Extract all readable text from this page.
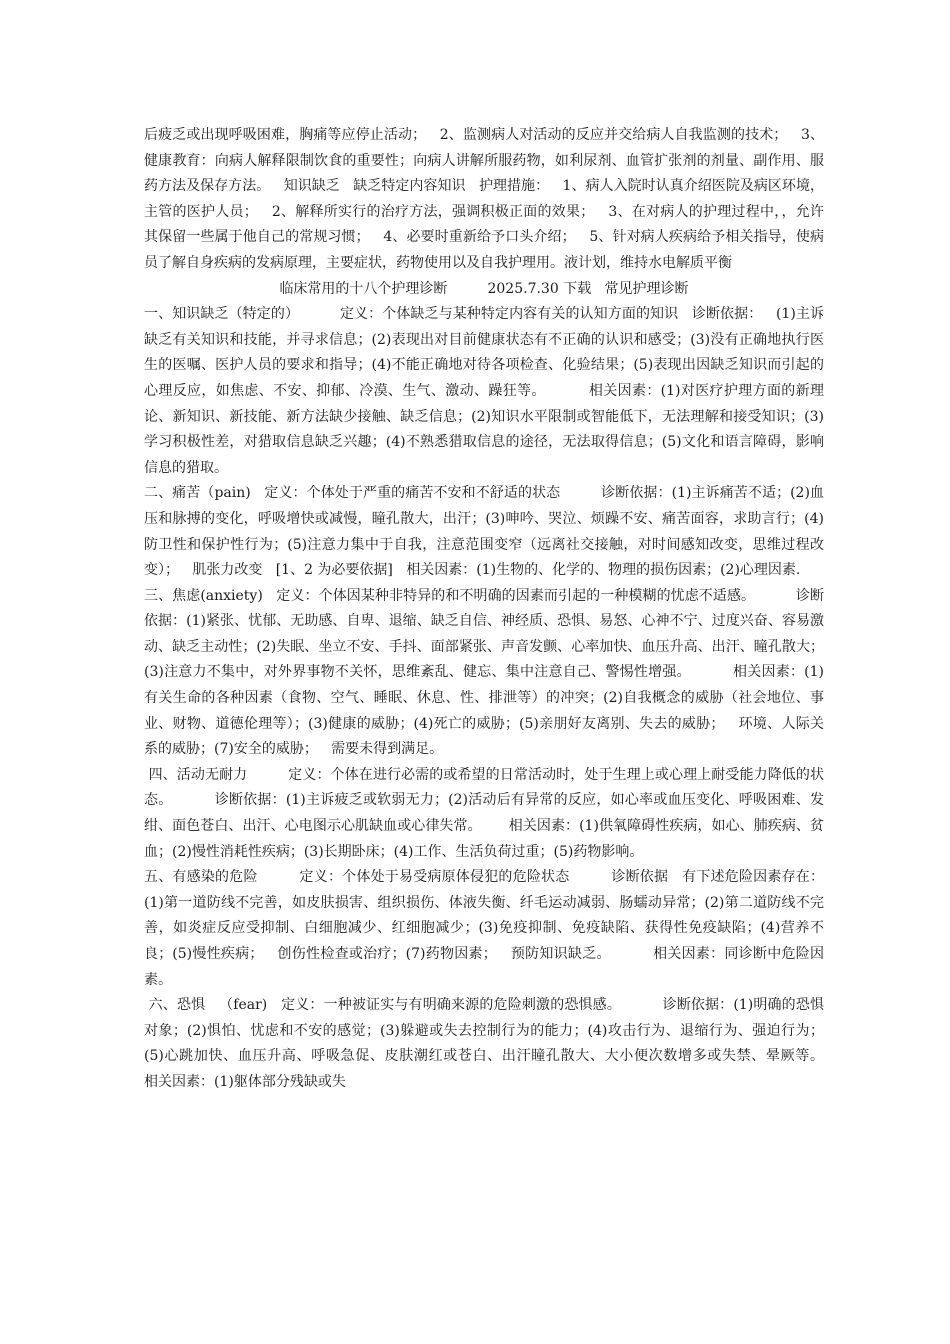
后疲乏或出现呼吸困难，胸痛等应停止活动；   2、监测病人对活动的反应并交给病人自我监测的技术；   3、健康教育：向病人解释限制饮食的重要性；向病人讲解所服药物，如利尿剂、血管扩张剂的剂量、副作用、服药方法及保存方法。   知识缺乏   缺乏特定内容知识   护理措施：   1、病人入院时认真介绍医院及病区环境，主管的医护人员；   2、解释所实行的治疗方法，强调积极正面的效果；   3、在对病人的护理过程中，，允许其保留一些属于他自己的常规习惯；   4、必要时重新给予口头介绍；   5、针对病人疾病给予相关指导，使病员了解自身疾病的发病原理，主要症状，药物使用以及自我护理用。液计划，维持水电解质平衡

临床常用的十八个护理诊断         2025.7.30 下载   常见护理诊断

一、知识缺乏（特定的）         定义：个体缺乏与某种特定内容有关的认知方面的知识   诊断依据：   (1)主诉缺乏有关知识和技能，并寻求信息；(2)表现出对目前健康状态有不正确的认识和感受；(3)没有正确地执行医生的医嘱、医护人员的要求和指导；(4)不能正确地对待各项检查、化验结果；(5)表现出因缺乏知识而引起的心理反应，如焦虑、不安、抑郁、冷漠、生气、激动、躁狂等。         相关因素：(1)对医疗护理方面的新理论、新知识、新技能、新方法缺少接触、缺乏信息；(2)知识水平限制或智能低下，无法理解和接受知识；(3)学习积极性差，对猎取信息缺乏兴趣；(4)不熟悉猎取信息的途径，无法取得信息；(5)文化和语言障碍，影响信息的猎取。

二、痛苦（pain)   定义：个体处于严重的痛苦不安和不舒适的状态         诊断依据：(1)主诉痛苦不适；(2)血压和脉搏的变化，呼吸增快或减慢，瞳孔散大，出汗；(3)呻吟、哭泣、烦躁不安、痛苦面容，求助言行；(4)防卫性和保护性行为；(5)注意力集中于自我，注意范围变窄（远离社交接触，对时间感知改变，思维过程改变）；   肌张力改变   [1、2 为必要依据]   相关因素：(1)生物的、化学的、物理的损伤因素；(2)心理因素.

三、焦虑(anxiety)   定义：个体因某种非特异的和不明确的因素而引起的一种模糊的忧虑不适感。         诊断依据：(1)紧张、忧郁、无助感、自卑、退缩、缺乏自信、神经质、恐惧、易怒、心神不宁、过度兴奋、容易激动、缺乏主动性；(2)失眠、坐立不安、手抖、面部紧张、声音发颤、心率加快、血压升高、出汗、瞳孔散大；(3)注意力不集中，对外界事物不关怀，思维紊乱、健忘、集中注意自己、警惕性增强。         相关因素：(1)有关生命的各种因素（食物、空气、睡眠、休息、性、排泄等）的冲突；(2)自我概念的威胁（社会地位、事业、财物、道德伦理等）；(3)健康的威胁；(4)死亡的威胁；(5)亲朋好友离别、失去的威胁；   环境、人际关系的威胁；(7)安全的威胁；   需要未得到满足。

四、活动无耐力         定义：个体在进行必需的或希望的日常活动时，处于生理上或心理上耐受能力降低的状态。         诊断依据：(1)主诉疲乏或软弱无力；(2)活动后有异常的反应，如心率或血压变化、呼吸困难、发绀、面色苍白、出汗、心电图示心肌缺血或心律失常。      相关因素：(1)供氧障碍性疾病，如心、肺疾病、贫血；(2)慢性消耗性疾病；(3)长期卧床；(4)工作、生活负荷过重；(5)药物影响。

五、有感染的危险         定义：个体处于易受病原体侵犯的危险状态         诊断依据   有下述危险因素存在：(1)第一道防线不完善，如皮肤损害、组织损伤、体液失衡、纤毛运动减弱、肠蠕动异常；(2)第二道防线不完善，如炎症反应受抑制、白细胞减少、红细胞减少；(3)免疫抑制、免疫缺陷、获得性免疫缺陷；(4)营养不良；(5)慢性疾病；   创伤性检查或治疗；(7)药物因素；   预防知识缺乏。         相关因素：同诊断中危险因素。

六、恐惧   （fear)   定义：一种被证实与有明确来源的危险刺激的恐惧感。         诊断依据：(1)明确的恐惧对象；(2)惧怕、忧虑和不安的感觉；(3)躲避或失去控制行为的能力；(4)攻击行为、退缩行为、强迫行为；(5)心跳加快、血压升高、呼吸急促、皮肤潮红或苍白、出汗瞳孔散大、大小便次数增多或失禁、晕厥等。         相关因素：(1)躯体部分残缺或失
